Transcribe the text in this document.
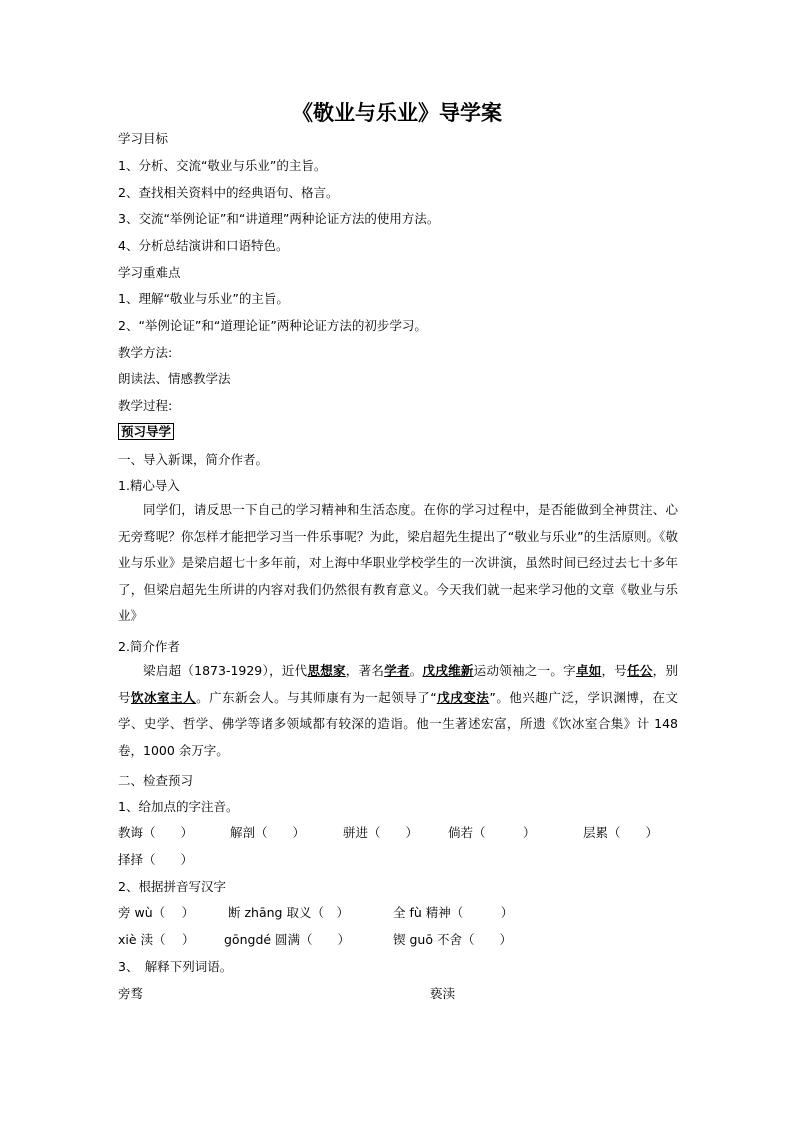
《敬业与乐业》导学案
学习目标
1、分析、交流“敬业与乐业”的主旨。
2、查找相关资料中的经典语句、格言。
3、交流“举例论证”和“讲道理”两种论证方法的使用方法。
4、分析总结演讲和口语特色。
学习重难点
1、理解“敬业与乐业”的主旨。
2、“举例论证”和“道理论证”两种论证方法的初步学习。
教学方法:
朗读法、情感教学法
教学过程:
预习导学
一、导入新课，简介作者。
1.精心导入
同学们，请反思一下自己的学习精神和生活态度。在你的学习过程中，是否能做到全神贯注、心无旁骛呢？你怎样才能把学习当一件乐事呢？为此，梁启超先生提出了“敬业与乐业”的生活原则。《敬业与乐业》是梁启超七十多年前，对上海中华职业学校学生的一次讲演，虽然时间已经过去七十多年了，但梁启超先生所讲的内容对我们仍然很有教育意义。今天我们就一起来学习他的文章《敬业与乐业》
2.简介作者
梁启超（1873-1929），近代思想家，著名学者。戊戌维新运动领袖之一。字卓如，号任公，别号饮冰室主人。广东新会人。与其师康有为一起领导了“戊戌变法”。他兴趣广泛，学识渊博，在文学、史学、哲学、佛学等诸多领域都有较深的造诣。他一生著述宏富，所遗《饮冰室合集》计 148 卷，1000 余万字。
二、检查预习
1、给加点的字注音。
教诲（　　）	解剖（　　）	骈进（　　） 倘若（　　　）	层累（　　）
择择（　　）
2、根据拼音写汉字
旁 wù（　 ）	断 zhāng 取义（　）	全 fù 精神（　　　）
xiè 渎（　 ） gōngdé 圆满（　　）	锲 guō 不舍（　　）
3、　解释下列词语。
旁骛	亵渎
